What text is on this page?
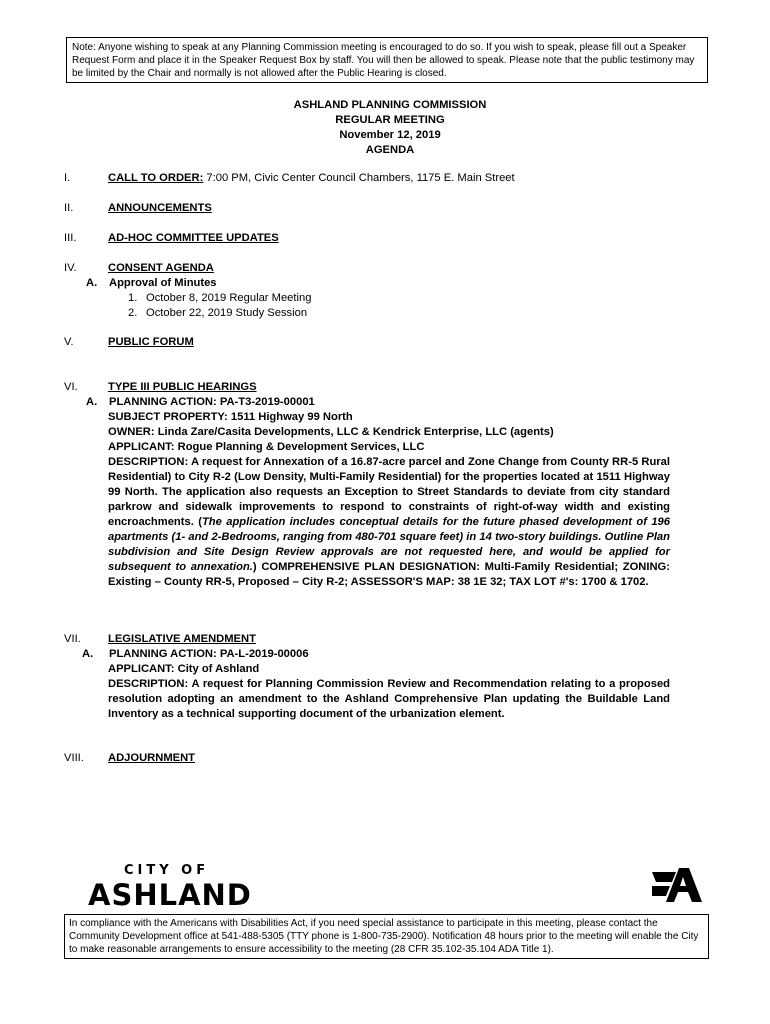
Note: Anyone wishing to speak at any Planning Commission meeting is encouraged to do so. If you wish to speak, please fill out a Speaker Request Form and place it in the Speaker Request Box by staff. You will then be allowed to speak. Please note that the public testimony may be limited by the Chair and normally is not allowed after the Public Hearing is closed.
ASHLAND PLANNING COMMISSION
REGULAR MEETING
November 12, 2019
AGENDA
I.	CALL TO ORDER: 7:00 PM, Civic Center Council Chambers, 1175 E. Main Street
II.	ANNOUNCEMENTS
III.	AD-HOC COMMITTEE UPDATES
IV.	CONSENT AGENDA
A. Approval of Minutes
1. October 8, 2019 Regular Meeting
2. October 22, 2019 Study Session
V.	PUBLIC FORUM
VI.	TYPE III PUBLIC HEARINGS
A. PLANNING ACTION: PA-T3-2019-00001
SUBJECT PROPERTY: 1511 Highway 99 North
OWNER: Linda Zare/Casita Developments, LLC & Kendrick Enterprise, LLC (agents)
APPLICANT: Rogue Planning & Development Services, LLC
DESCRIPTION: A request for Annexation of a 16.87-acre parcel and Zone Change from County RR-5 Rural Residential) to City R-2 (Low Density, Multi-Family Residential) for the properties located at 1511 Highway 99 North. The application also requests an Exception to Street Standards to deviate from city standard parkrow and sidewalk improvements to respond to constraints of right-of-way width and existing encroachments. (The application includes conceptual details for the future phased development of 196 apartments (1- and 2-Bedrooms, ranging from 480-701 square feet) in 14 two-story buildings. Outline Plan subdivision and Site Design Review approvals are not requested here, and would be applied for subsequent to annexation.) COMPREHENSIVE PLAN DESIGNATION: Multi-Family Residential; ZONING: Existing – County RR-5, Proposed – City R-2; ASSESSOR'S MAP: 38 1E 32; TAX LOT #'s: 1700 & 1702.
VII. LEGISLATIVE AMENDMENT
A. PLANNING ACTION: PA-L-2019-00006
APPLICANT: City of Ashland
DESCRIPTION: A request for Planning Commission Review and Recommendation relating to a proposed resolution adopting an amendment to the Ashland Comprehensive Plan updating the Buildable Land Inventory as a technical supporting document of the urbanization element.
VIII. ADJOURNMENT
CITY OF
ASHLAND
In compliance with the Americans with Disabilities Act, if you need special assistance to participate in this meeting, please contact the Community Development office at 541-488-5305 (TTY phone is 1-800-735-2900). Notification 48 hours prior to the meeting will enable the City to make reasonable arrangements to ensure accessibility to the meeting (28 CFR 35.102-35.104 ADA Title 1).
